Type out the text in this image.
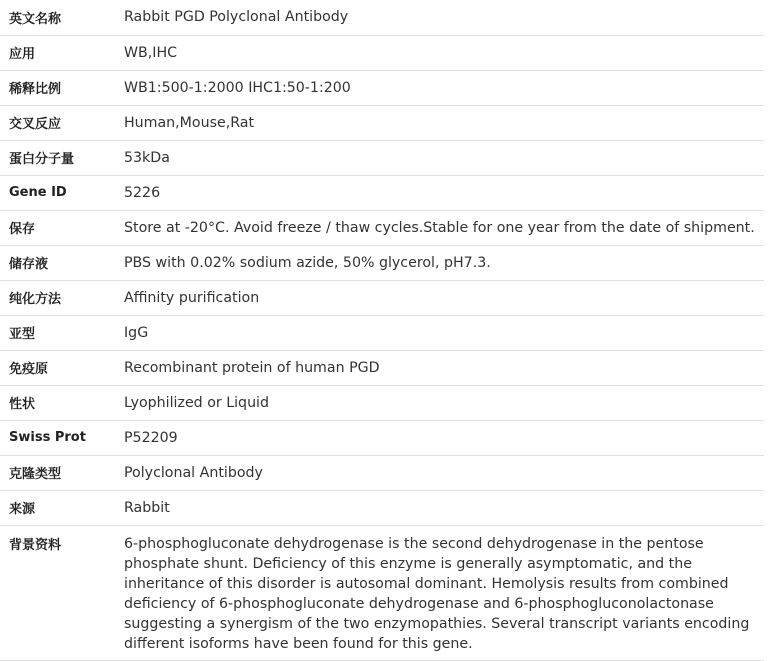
英文名称	Rabbit PGD Polyclonal Antibody
应用	WB,IHC
稀释比例	WB1:500-1:2000 IHC1:50-1:200
交叉反应	Human,Mouse,Rat
蛋白分子量	53kDa
Gene ID	5226
保存	Store at -20°C. Avoid freeze / thaw cycles.Stable for one year from the date of shipment.
储存液	PBS with 0.02% sodium azide, 50% glycerol, pH7.3.
纯化方法	Affinity purification
亚型	IgG
免疫原	Recombinant protein of human PGD
性状	Lyophilized or Liquid
Swiss Prot	P52209
克隆类型	Polyclonal Antibody
来源	Rabbit
背景资料	6-phosphogluconate dehydrogenase is the second dehydrogenase in the pentose phosphate shunt. Deficiency of this enzyme is generally asymptomatic, and the inheritance of this disorder is autosomal dominant. Hemolysis results from combined deficiency of 6-phosphogluconate dehydrogenase and 6-phosphogluconolactonase suggesting a synergism of the two enzymopathies. Several transcript variants encoding different isoforms have been found for this gene.
